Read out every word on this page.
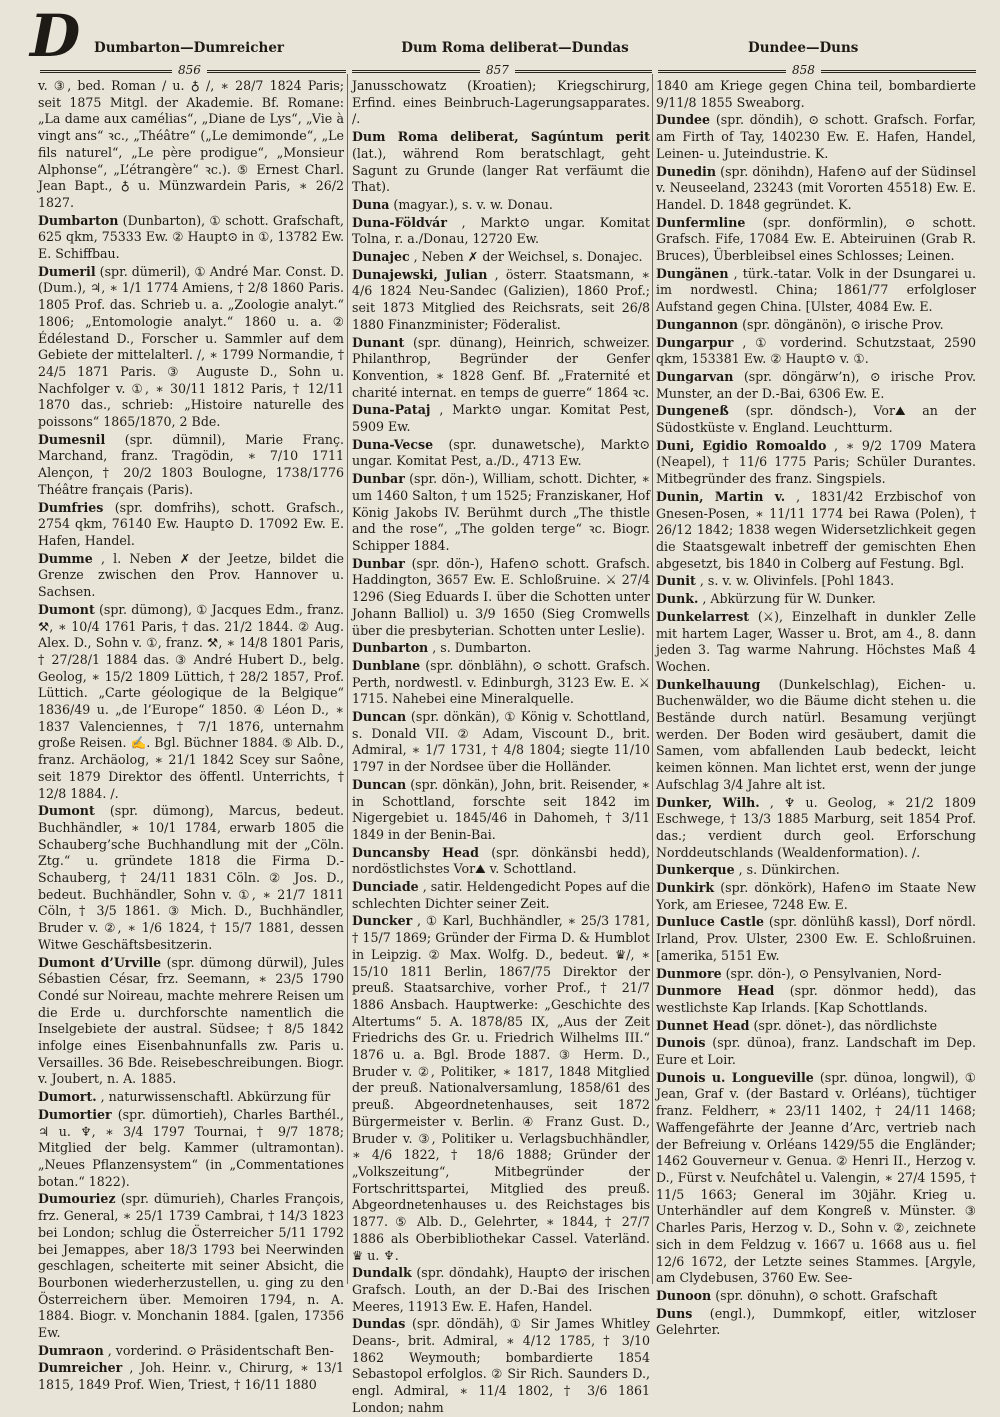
D Dumbarton—Dumreicher	Dum Roma deliberat—Dundas	Dundee—Duns
856	857	858
v. ③, bed. Roman / u. ♁ /, ∗ 28/7 1824 Paris; seit 1875 Mitgl. der Akademie. Bf. Romane: „La dame aux camélias“, „Diane de Lys“, „Vie à vingt ans“ ꝛc., „Théâtre“ („Le demimonde“, „Le fils naturel“, „Le père prodigue“, „Monsieur Alphonse“, „L’étrangère“ ꝛc.). ⑤ Ernest Charl. Jean Bapt., ♁ u. Münzwardein Paris, ∗ 26/2 1827.
Dumbarton (Dunbarton), ① schott. Grafschaft, 625 qkm, 75333 Ew. ② Haupt⊙ in ①, 13782 Ew. E. Schiffbau.
Dumeril (spr. dümeril), ① André Mar. Const. D. (Dum.), ♃, ∗ 1/1 1774 Amiens, † 2/8 1860 Paris. 1805 Prof. das. Schrieb u. a. „Zoologie analyt.“ 1806; „Entomologie analyt.“ 1860 u. a. ② Édélestand D., Forscher u. Sammler auf dem Gebiete der mittelalterl. /, ∗ 1799 Normandie, † 24/5 1871 Paris. ③ Auguste D., Sohn u. Nachfolger v. ①, ∗ 30/11 1812 Paris, † 12/11 1870 das., schrieb: „Histoire naturelle des poissons“ 1865/1870, 2 Bde.
Dumesnil (spr. dümnil), Marie Franç. Marchand, franz. Tragödin, ∗ 7/10 1711 Alençon, † 20/2 1803 Boulogne, 1738/1776 Théâtre français (Paris).
Dumfries (spr. domfrihs), schott. Grafsch., 2754 qkm, 76140 Ew. Haupt⊙ D. 17092 Ew. E. Hafen, Handel.
Dumme , l. Neben ✗ der Jeetze, bildet die Grenze zwischen den Prov. Hannover u. Sachsen.
Dumont (spr. dümong), ① Jacques Edm., franz. ⚒, ∗ 10/4 1761 Paris, † das. 21/2 1844. ② Aug. Alex. D., Sohn v. ①, franz. ⚒, ∗ 14/8 1801 Paris, † 27/28/1 1884 das. ③ André Hubert D., belg. Geolog, ∗ 15/2 1809 Lüttich, † 28/2 1857, Prof. Lüttich. „Carte géologique de la Belgique“ 1836/49 u. „de l’Europe“ 1850. ④ Léon D., ∗ 1837 Valenciennes, † 7/1 1876, unternahm große Reisen. ✍. Bgl. Büchner 1884. ⑤ Alb. D., franz. Archäolog, ∗ 21/1 1842 Scey sur Saône, seit 1879 Direktor des öffentl. Unterrichts, † 12/8 1884. /.
Dumont (spr. dümong), Marcus, bedeut. Buchhändler, ∗ 10/1 1784, erwarb 1805 die Schauberg’sche Buchhandlung mit der „Cöln. Ztg.“ u. gründete 1818 die Firma D.-Schauberg, † 24/11 1831 Cöln. ② Jos. D., bedeut. Buchhändler, Sohn v. ①, ∗ 21/7 1811 Cöln, † 3/5 1861. ③ Mich. D., Buchhändler, Bruder v. ②, ∗ 1/6 1824, † 15/7 1881, dessen Witwe Geschäftsbesitzerin.
Dumont d’Urville (spr. dümong dürwil), Jules Sébastien César, frz. Seemann, ∗ 23/5 1790 Condé sur Noireau, machte mehrere Reisen um die Erde u. durchforschte namentlich die Inselgebiete der austral. Südsee; † 8/5 1842 infolge eines Eisenbahnunfalls zw. Paris u. Versailles. 36 Bde. Reisebeschreibungen. Biogr. v. Joubert, n. A. 1885.
Dumort. , naturwissenschaftl. Abkürzung für
Dumortier (spr. dümortieh), Charles Barthél., ♃ u. ♆, ∗ 3/4 1797 Tournai, † 9/7 1878; Mitglied der belg. Kammer (ultramontan). „Neues Pflanzensystem“ (in „Commentationes botan.“ 1822).
Dumouriez (spr. dümurieh), Charles François, frz. General, ∗ 25/1 1739 Cambrai, † 14/3 1823 bei London; schlug die Österreicher 5/11 1792 bei Jemappes, aber 18/3 1793 bei Neerwinden geschlagen, scheiterte mit seiner Absicht, die Bourbonen wiederherzustellen, u. ging zu den Österreichern über. Memoiren 1794, n. A. 1884. Biogr. v. Monchanin 1884. [galen, 17356 Ew.
Dumraon , vorderind. ⊙ Präsidentschaft Ben-
Dumreicher , Joh. Heinr. v., Chirurg, ∗ 13/1 1815, 1849 Prof. Wien, Triest, † 16/11 1880
Janusschowatz (Kroatien); Kriegschirurg, Erfind. eines Beinbruch-Lagerungsapparates. /.
Dum Roma deliberat, Sagúntum perit (lat.), während Rom beratschlagt, geht Sagunt zu Grunde (langer Rat verfäumt die That).
Duna (magyar.), s. v. w. Donau.
Duna-Földvár , Markt⊙ ungar. Komitat Tolna, r. a./Donau, 12720 Ew.
Dunajec , Neben ✗ der Weichsel, s. Donajec.
Dunajewski, Julian , österr. Staatsmann, ∗ 4/6 1824 Neu-Sandec (Galizien), 1860 Prof.; seit 1873 Mitglied des Reichsrats, seit 26/8 1880 Finanzminister; Föderalist.
Dunant (spr. dünang), Heinrich, schweizer. Philanthrop, Begründer der Genfer Konvention, ∗ 1828 Genf. Bf. „Fraternité et charité internat. en temps de guerre“ 1864 ꝛc.
Duna-Pataj , Markt⊙ ungar. Komitat Pest, 5909 Ew.
Duna-Vecse (spr. dunawetsche), Markt⊙ ungar. Komitat Pest, a./D., 4713 Ew.
Dunbar (spr. dön-), William, schott. Dichter, ∗ um 1460 Salton, † um 1525; Franziskaner, Hof König Jakobs IV. Berühmt durch „The thistle and the rose“, „The golden terge“ ꝛc. Biogr. Schipper 1884.
Dunbar (spr. dön-), Hafen⊙ schott. Grafsch. Haddington, 3657 Ew. E. Schloßruine. ⚔ 27/4 1296 (Sieg Eduards I. über die Schotten unter Johann Balliol) u. 3/9 1650 (Sieg Cromwells über die presbyterian. Schotten unter Leslie).
Dunbarton , s. Dumbarton.
Dunblane (spr. dönblähn), ⊙ schott. Grafsch. Perth, nordwestl. v. Edinburgh, 3123 Ew. E. ⚔ 1715. Nahebei eine Mineralquelle.
Duncan (spr. dönkän), ① König v. Schottland, s. Donald VII. ② Adam, Viscount D., brit. Admiral, ∗ 1/7 1731, † 4/8 1804; siegte 11/10 1797 in der Nordsee über die Holländer.
Duncan (spr. dönkän), John, brit. Reisender, ∗ in Schottland, forschte seit 1842 im Nigergebiet u. 1845/46 in Dahomeh, † 3/11 1849 in der Benin-Bai.
Duncansby Head (spr. dönkänsbi hedd), nordöstlichstes Vor⛰ v. Schottland.
Dunciade , satir. Heldengedicht Popes auf die schlechten Dichter seiner Zeit.
Duncker , ① Karl, Buchhändler, ∗ 25/3 1781, † 15/7 1869; Gründer der Firma D. & Humblot in Leipzig. ② Max. Wolfg. D., bedeut. ♛/, ∗ 15/10 1811 Berlin, 1867/75 Direktor der preuß. Staatsarchive, vorher Prof., † 21/7 1886 Ansbach. Hauptwerke: „Geschichte des Altertums“ 5. A. 1878/85 IX, „Aus der Zeit Friedrichs des Gr. u. Friedrich Wilhelms III.“ 1876 u. a. Bgl. Brode 1887. ③ Herm. D., Bruder v. ②, Politiker, ∗ 1817, 1848 Mitglied der preuß. Nationalversamlung, 1858/61 des preuß. Abgeordnetenhauses, seit 1872 Bürgermeister v. Berlin. ④ Franz Gust. D., Bruder v. ③, Politiker u. Verlagsbuchhändler, ∗ 4/6 1822, † 18/6 1888; Gründer der „Volkszeitung“, Mitbegründer der Fortschrittspartei, Mitglied des preuß. Abgeordnetenhauses u. des Reichstages bis 1877. ⑤ Alb. D., Gelehrter, ∗ 1844, † 27/7 1886 als Oberbibliothekar Cassel. Vaterländ. ♛ u. ♆.
Dundalk (spr. döndahk), Haupt⊙ der irischen Grafsch. Louth, an der D.-Bai des Irischen Meeres, 11913 Ew. E. Hafen, Handel.
Dundas (spr. döndäh), ① Sir James Whitley Deans-, brit. Admiral, ∗ 4/12 1785, † 3/10 1862 Weymouth; bombardierte 1854 Sebastopol erfolglos. ② Sir Rich. Saunders D., engl. Admiral, ∗ 11/4 1802, † 3/6 1861 London; nahm
1840 am Kriege gegen China teil, bombardierte 9/11/8 1855 Sweaborg.
Dundee (spr. döndih), ⊙ schott. Grafsch. Forfar, am Firth of Tay, 140230 Ew. E. Hafen, Handel, Leinen- u. Juteindustrie. K.
Dunedin (spr. dönihdn), Hafen⊙ auf der Südinsel v. Neuseeland, 23243 (mit Vororten 45518) Ew. E. Handel. D. 1848 gegründet. K.
Dunfermline (spr. donförmlin), ⊙ schott. Grafsch. Fife, 17084 Ew. E. Abteiruinen (Grab R. Bruces), Überbleibsel eines Schlosses; Leinen.
Dungänen , türk.-tatar. Volk in der Dsungarei u. im nordwestl. China; 1861/77 erfolgloser Aufstand gegen China. [Ulster, 4084 Ew. E.
Dungannon (spr. döngänön), ⊙ irische Prov.
Dungarpur , ① vorderind. Schutzstaat, 2590 qkm, 153381 Ew. ② Haupt⊙ v. ①.
Dungarvan (spr. döngärw’n), ⊙ irische Prov. Munster, an der D.-Bai, 6306 Ew. E.
Dungeneß (spr. döndsch-), Vor⛰ an der Südostküste v. England. Leuchtturm.
Duni, Egidio Romoaldo , ∗ 9/2 1709 Matera (Neapel), † 11/6 1775 Paris; Schüler Durantes. Mitbegründer des franz. Singspiels.
Dunin, Martin v. , 1831/42 Erzbischof von Gnesen-Posen, ∗ 11/11 1774 bei Rawa (Polen), † 26/12 1842; 1838 wegen Widersetzlichkeit gegen die Staatsgewalt inbetreff der gemischten Ehen abgesetzt, bis 1840 in Colberg auf Festung. Bgl.
Dunit , s. v. w. Olivinfels. [Pohl 1843.
Dunk. , Abkürzung für W. Dunker.
Dunkelarrest (⚔), Einzelhaft in dunkler Zelle mit hartem Lager, Wasser u. Brot, am 4., 8. dann jeden 3. Tag warme Nahrung. Höchstes Maß 4 Wochen.
Dunkelhauung (Dunkelschlag), Eichen- u. Buchenwälder, wo die Bäume dicht stehen u. die Bestände durch natürl. Besamung verjüngt werden. Der Boden wird gesäubert, damit die Samen, vom abfallenden Laub bedeckt, leicht keimen können. Man lichtet erst, wenn der junge Aufschlag 3/4 Jahre alt ist.
Dunker, Wilh. , ♆ u. Geolog, ∗ 21/2 1809 Eschwege, † 13/3 1885 Marburg, seit 1854 Prof. das.; verdient durch geol. Erforschung Norddeutschlands (Wealdenformation). /.
Dunkerque , s. Dünkirchen.
Dunkirk (spr. dönkörk), Hafen⊙ im Staate New York, am Eriesee, 7248 Ew. E.
Dunluce Castle (spr. dönlühß kassl), Dorf nördl. Irland, Prov. Ulster, 2300 Ew. E. Schloßruinen. [amerika, 5151 Ew.
Dunmore (spr. dön-), ⊙ Pensylvanien, Nord-
Dunmore Head (spr. dönmor hedd), das westlichste Kap Irlands. [Kap Schottlands.
Dunnet Head (spr. dönet-), das nördlichste
Dunois (spr. dünoa), franz. Landschaft im Dep. Eure et Loir.
Dunois u. Longueville (spr. dünoa, longwil), ① Jean, Graf v. (der Bastard v. Orléans), tüchtiger franz. Feldherr, ∗ 23/11 1402, † 24/11 1468; Waffengefährte der Jeanne d’Arc, vertrieb nach der Befreiung v. Orléans 1429/55 die Engländer; 1462 Gouverneur v. Genua. ② Henri II., Herzog v. D., Fürst v. Neufchâtel u. Valengin, ∗ 27/4 1595, † 11/5 1663; General im 30jähr. Krieg u. Unterhändler auf dem Kongreß v. Münster. ③ Charles Paris, Herzog v. D., Sohn v. ②, zeichnete sich in dem Feldzug v. 1667 u. 1668 aus u. fiel 12/6 1672, der Letzte seines Stammes. [Argyle, am Clydebusen, 3760 Ew. See-
Dunoon (spr. dönuhn), ⊙ schott. Grafschaft
Duns (engl.), Dummkopf, eitler, witzloser Gelehrter.
